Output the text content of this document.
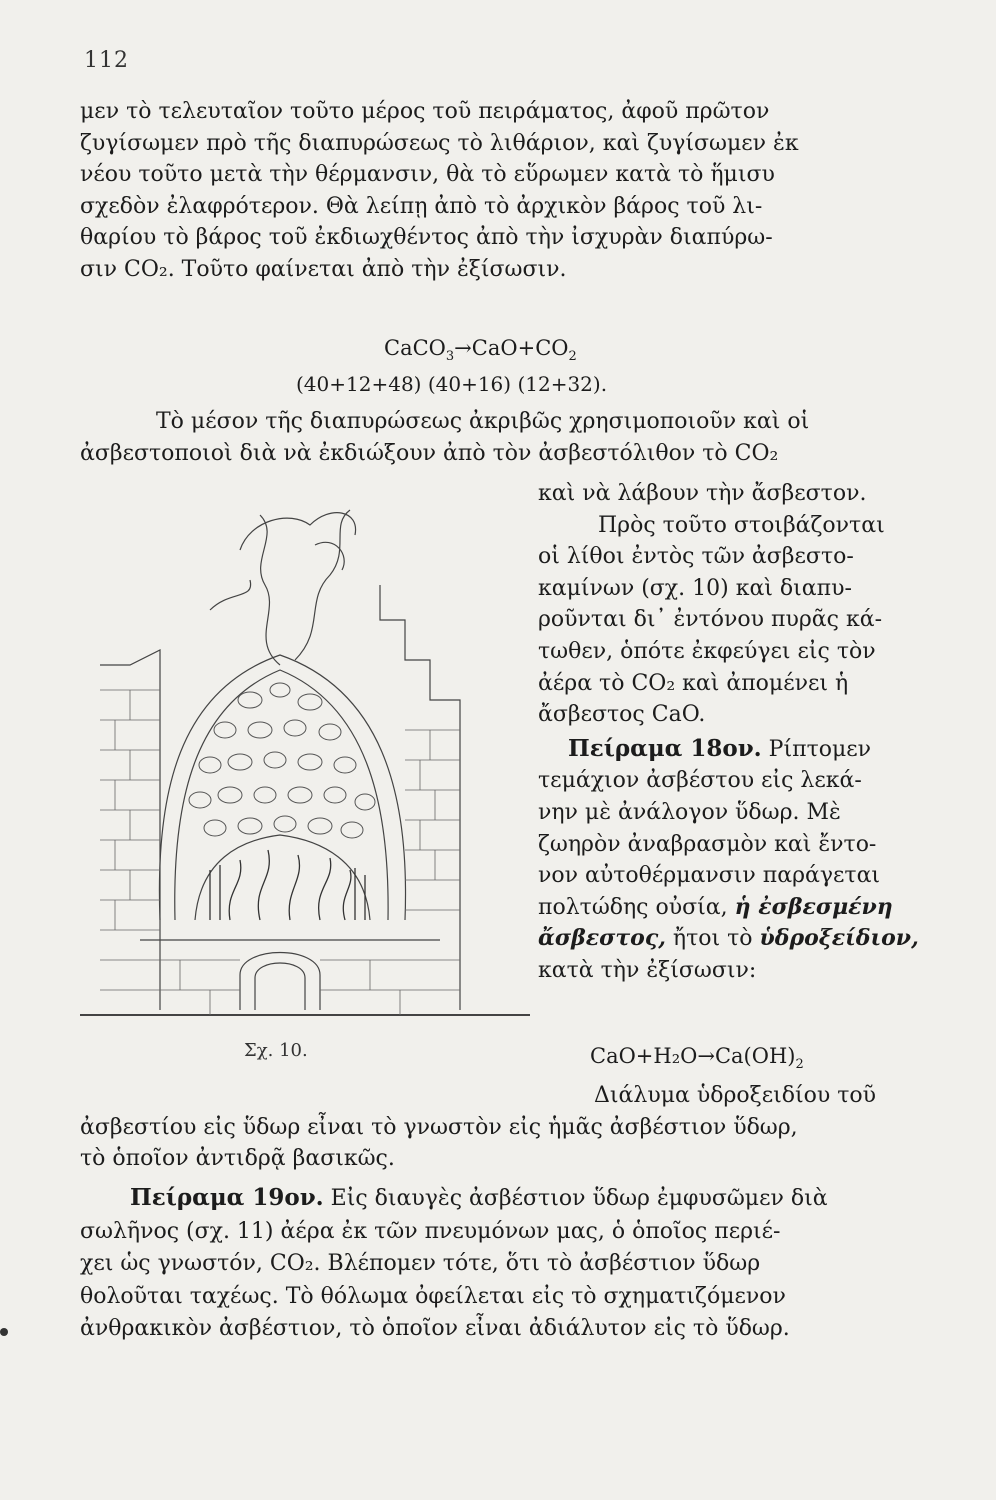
112
μεν τὸ τελευταῖον τοῦτο μέρος τοῦ πειράματος, ἀφοῦ πρῶτον
ζυγίσωμεν πρὸ τῆς διαπυρώσεως τὸ λιθάριον, καὶ ζυγίσωμεν ἐκ
νέου τοῦτο μετὰ τὴν θέρμανσιν, θὰ τὸ εὕρωμεν κατὰ τὸ ἥμισυ
σχεδὸν ἐλαφρότερον. Θὰ λείπῃ ἀπὸ τὸ ἀρχικὸν βάρος τοῦ λι-
θαρίου τὸ βάρος τοῦ ἐκδιωχθέντος ἀπὸ τὴν ἰσχυρὰν διαπύρω-
σιν CO₂. Τοῦτο φαίνεται ἀπὸ τὴν ἐξίσωσιν.
$CaCO_3\to CaO+CO_2$
(40+12+48) (40+16) (12+32).
Τὸ μέσον τῆς διαπυρώσεως ἀκριβῶς χρησιμοποιοῦν καὶ οἱ
ἀσβεστοποιοὶ διὰ νὰ ἐκδιώξουν ἀπὸ τὸν ἀσβεστόλιθον τὸ CO₂
καὶ νὰ λάβουν τὴν ἄσβεστον.
Πρὸς τοῦτο στοιβάζονται
οἱ λίθοι ἐντὸς τῶν ἀσβεστο-
καμίνων (σχ. 10) καὶ διαπυ-
ροῦνται δι᾽ ἐντόνου πυρᾶς κά-
τωθεν, ὁπότε ἐκφεύγει εἰς τὸν
ἀέρα τὸ CO₂ καὶ ἀπομένει ἡ
ἄσβεστος CaO.
Πείραμα 18ον. Ρίπτομεν
τεμάχιον ἀσβέστου εἰς λεκά-
νην μὲ ἀνάλογον ὕδωρ. Μὲ
ζωηρὸν ἀναβρασμὸν καὶ ἔντο-
νον αὐτοθέρμανσιν παράγεται
πολτώδης οὐσία, ἡ ἐσβεσμένη
ἄσβεστος, ἤτοι τὸ ὑδροξείδιον,
κατὰ τὴν ἐξίσωσιν:
Σχ. 10.	$CaO+H_2O\to Ca(OH)_2$
Διάλυμα ὑδροξειδίου τοῦ
ἀσβεστίου εἰς ὕδωρ εἶναι τὸ γνωστὸν εἰς ἡμᾶς ἀσβέστιον ὕδωρ,
τὸ ὁποῖον ἀντιδρᾷ βασικῶς.
Πείραμα 19ον. Εἰς διαυγὲς ἀσβέστιον ὕδωρ ἐμφυσῶμεν διὰ
σωλῆνος (σχ. 11) ἀέρα ἐκ τῶν πνευμόνων μας, ὁ ὁποῖος περιέ-
χει ὡς γνωστόν, CO₂. Βλέπομεν τότε, ὅτι τὸ ἀσβέστιον ὕδωρ
θολοῦται ταχέως. Τὸ θόλωμα ὀφείλεται εἰς τὸ σχηματιζόμενον
ἀνθρακικὸν ἀσβέστιον, τὸ ὁποῖον εἶναι ἀδιάλυτον εἰς τὸ ὕδωρ.
